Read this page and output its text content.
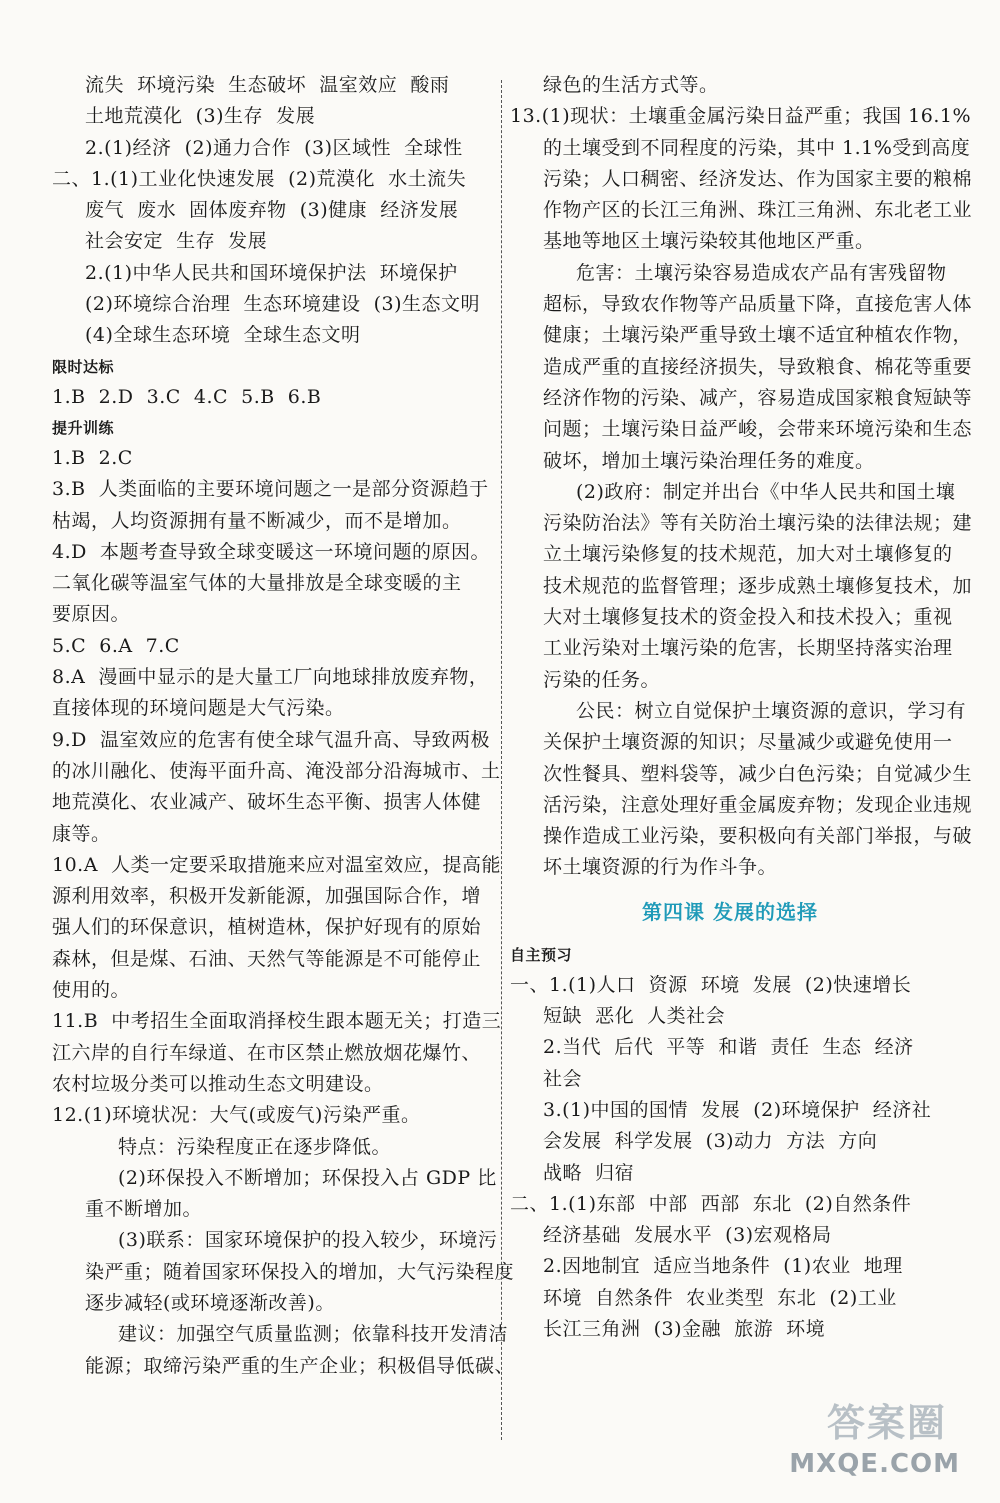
流失  环境污染  生态破坏  温室效应  酸雨
土地荒漠化  (3)生存  发展
2.(1)经济  (2)通力合作  (3)区域性  全球性
二、1.(1)工业化快速发展  (2)荒漠化  水土流失
废气  废水  固体废弃物  (3)健康  经济发展
社会安定  生存  发展
2.(1)中华人民共和国环境保护法  环境保护
(2)环境综合治理  生态环境建设  (3)生态文明
(4)全球生态环境  全球生态文明
限时达标
1.B  2.D  3.C  4.C  5.B  6.B
提升训练
1.B  2.C
3.B  人类面临的主要环境问题之一是部分资源趋于
枯竭，人均资源拥有量不断减少，而不是增加。
4.D  本题考查导致全球变暖这一环境问题的原因。
二氧化碳等温室气体的大量排放是全球变暖的主
要原因。
5.C  6.A  7.C
8.A  漫画中显示的是大量工厂向地球排放废弃物，
直接体现的环境问题是大气污染。
9.D  温室效应的危害有使全球气温升高、导致两极
的冰川融化、使海平面升高、淹没部分沿海城市、土
地荒漠化、农业减产、破坏生态平衡、损害人体健
康等。
10.A  人类一定要采取措施来应对温室效应，提高能
源利用效率，积极开发新能源，加强国际合作，增
强人们的环保意识，植树造林，保护好现有的原始
森林，但是煤、石油、天然气等能源是不可能停止
使用的。
11.B  中考招生全面取消择校生跟本题无关；打造三
江六岸的自行车绿道、在市区禁止燃放烟花爆竹、
农村垃圾分类可以推动生态文明建设。
12.(1)环境状况：大气(或废气)污染严重。
特点：污染程度正在逐步降低。
(2)环保投入不断增加；环保投入占 GDP 比
重不断增加。
(3)联系：国家环境保护的投入较少，环境污
染严重；随着国家环保投入的增加，大气污染程度
逐步减轻(或环境逐渐改善)。
建议：加强空气质量监测；依靠科技开发清洁
能源；取缔污染严重的生产企业；积极倡导低碳、
绿色的生活方式等。
13.(1)现状：土壤重金属污染日益严重；我国 16.1%
的土壤受到不同程度的污染，其中 1.1%受到高度
污染；人口稠密、经济发达、作为国家主要的粮棉
作物产区的长江三角洲、珠江三角洲、东北老工业
基地等地区土壤污染较其他地区严重。
危害：土壤污染容易造成农产品有害残留物
超标，导致农作物等产品质量下降，直接危害人体
健康；土壤污染严重导致土壤不适宜种植农作物，
造成严重的直接经济损失，导致粮食、棉花等重要
经济作物的污染、减产，容易造成国家粮食短缺等
问题；土壤污染日益严峻，会带来环境污染和生态
破坏，增加土壤污染治理任务的难度。
(2)政府：制定并出台《中华人民共和国土壤
污染防治法》等有关防治土壤污染的法律法规；建
立土壤污染修复的技术规范，加大对土壤修复的
技术规范的监督管理；逐步成熟土壤修复技术，加
大对土壤修复技术的资金投入和技术投入；重视
工业污染对土壤污染的危害，长期坚持落实治理
污染的任务。
公民：树立自觉保护土壤资源的意识，学习有
关保护土壤资源的知识；尽量减少或避免使用一
次性餐具、塑料袋等，减少白色污染；自觉减少生
活污染，注意处理好重金属废弃物；发现企业违规
操作造成工业污染，要积极向有关部门举报，与破
坏土壤资源的行为作斗争。
第四课 发展的选择
自主预习
一、1.(1)人口  资源  环境  发展  (2)快速增长
短缺  恶化  人类社会
2.当代  后代  平等  和谐  责任  生态  经济
社会
3.(1)中国的国情  发展  (2)环境保护  经济社
会发展  科学发展  (3)动力  方法  方向
战略  归宿
二、1.(1)东部  中部  西部  东北  (2)自然条件
经济基础  发展水平  (3)宏观格局
2.因地制宜  适应当地条件  (1)农业  地理
环境  自然条件  农业类型  东北  (2)工业
长江三角洲  (3)金融  旅游  环境
答案圈
MXQE.COM
